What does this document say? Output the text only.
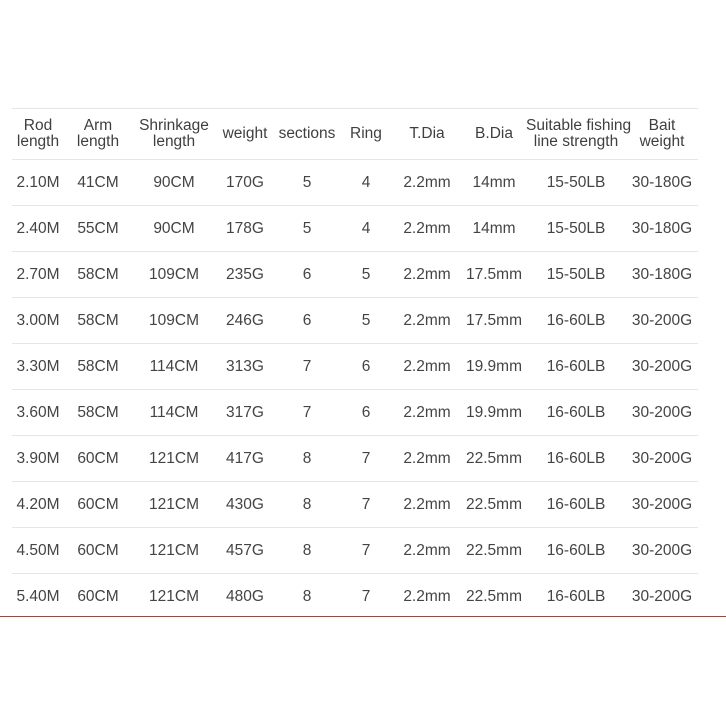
Rod
length	Arm
length	Shrinkage
length	weight	sections	Ring	T.Dia	B.Dia	Suitable fishing
line strength	Bait
weight

2.10M	41CM	90CM	170G	5	4	2.2mm	14mm	15-50LB	30-180G
2.40M	55CM	90CM	178G	5	4	2.2mm	14mm	15-50LB	30-180G
2.70M	58CM	109CM	235G	6	5	2.2mm	17.5mm	15-50LB	30-180G
3.00M	58CM	109CM	246G	6	5	2.2mm	17.5mm	16-60LB	30-200G
3.30M	58CM	114CM	313G	7	6	2.2mm	19.9mm	16-60LB	30-200G
3.60M	58CM	114CM	317G	7	6	2.2mm	19.9mm	16-60LB	30-200G
3.90M	60CM	121CM	417G	8	7	2.2mm	22.5mm	16-60LB	30-200G
4.20M	60CM	121CM	430G	8	7	2.2mm	22.5mm	16-60LB	30-200G
4.50M	60CM	121CM	457G	8	7	2.2mm	22.5mm	16-60LB	30-200G
5.40M	60CM	121CM	480G	8	7	2.2mm	22.5mm	16-60LB	30-200G
